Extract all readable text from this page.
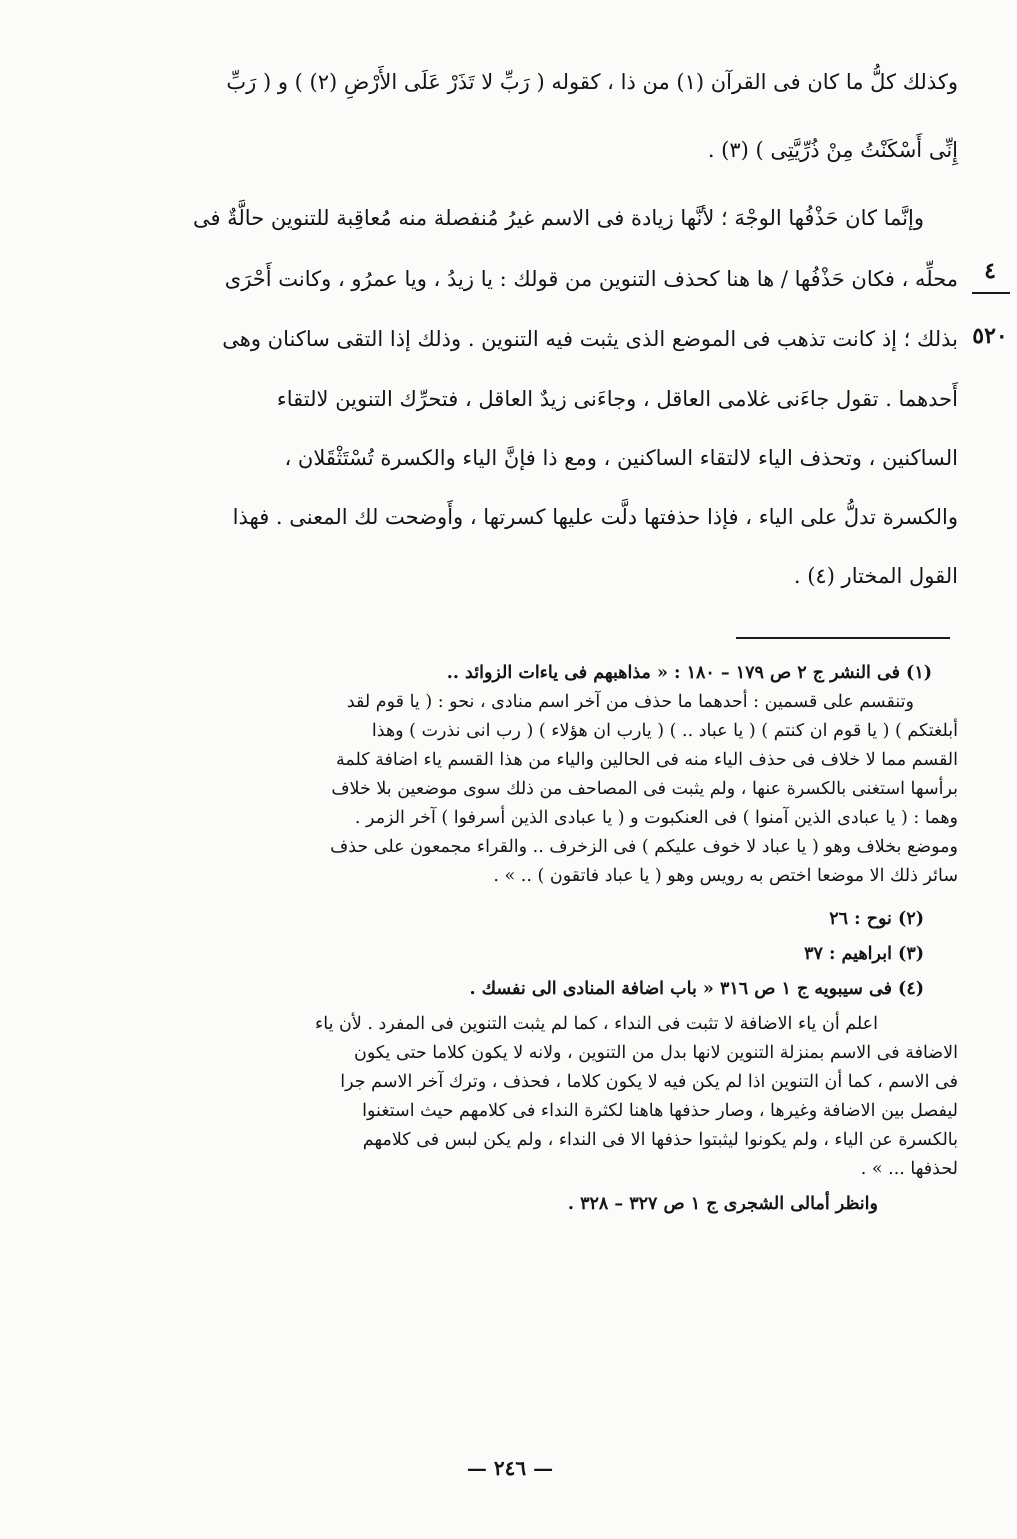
وكذلك كلُّ ما كان فى القرآن (١) من ذا ، كقوله ( رَبِّ لا تَذَرْ عَلَى الأَرْضِ (٢) ) و ( رَبِّ
إِنِّى أَسْكَنْتُ مِنْ ذُرِّيَّتِى ) (٣) .
وإنَّما كان حَذْفُها الوجْهَ ؛ لأنَّها زيادة فى الاسم غيرُ مُنفصلة منه مُعاقِبة للتنوين حالَّةٌ فى
محلِّه ، فكان حَذْفُها / ها هنا كحذف التنوين من قولك : يا زيدُ ، ويا عمرُو ، وكانت أَحْرَى
بذلك ؛ إذ كانت تذهب فى الموضع الذى يثبت فيه التنوين . وذلك إذا التقى ساكنان وهى
أَحدهما . تقول جاءَنى غلامى العاقل ، وجاءَنى زيدٌ العاقل ، فتحرِّك التنوين لالتقاء
الساكنين ، وتحذف الياء لالتقاء الساكنين ، ومع ذا فإنَّ الياء والكسرة تُسْتَثْقَلان ،
والكسرة تدلُّ على الياء ، فإذا حذفتها دلَّت عليها كسرتها ، وأَوضحت لك المعنى . فهذا
القول المختار (٤) .
٤
٥٢٠
(١) فى النشر ج ٢ ص ١٧٩ – ١٨٠ : « مذاهبهم فى ياءات الزوائد ..
وتنقسم على قسمين : أحدهما ما حذف من آخر اسم منادى ، نحو : ( يا قوم لقد
أبلغتكم ) ( يا قوم ان كنتم ) ( يا عباد .. ) ( يارب ان هؤلاء ) ( رب انى نذرت ) وهذا
القسم مما لا خلاف فى حذف الياء منه فى الحالين والياء من هذا القسم ياء اضافة كلمة
برأسها استغنى بالكسرة عنها ، ولم يثبت فى المصاحف من ذلك سوى موضعين بلا خلاف
وهما : ( يا عبادى الذين آمنوا ) فى العنكبوت و ( يا عبادى الذين أسرفوا ) آخر الزمر .
وموضع بخلاف وهو ( يا عباد لا خوف عليكم ) فى الزخرف .. والقراء مجمعون على حذف
سائر ذلك الا موضعا اختص به رويس وهو ( يا عباد فاتقون ) .. » .
(٢) نوح : ٢٦
(٣) ابراهيم : ٣٧
(٤) فى سيبويه ج ١ ص ٣١٦ « باب اضافة المنادى الى نفسك .
اعلم أن ياء الاضافة لا تثبت فى النداء ، كما لم يثبت التنوين فى المفرد . لأن ياء
الاضافة فى الاسم بمنزلة التنوين لانها بدل من التنوين ، ولانه لا يكون كلاما حتى يكون
فى الاسم ، كما أن التنوين اذا لم يكن فيه لا يكون كلاما ، فحذف ، وترك آخر الاسم جرا
ليفصل بين الاضافة وغيرها ، وصار حذفها هاهنا لكثرة النداء فى كلامهم حيث استغنوا
بالكسرة عن الياء ، ولم يكونوا ليثبتوا حذفها الا فى النداء ، ولم يكن لبس فى كلامهم
لحذفها ... » .
وانظر أمالى الشجرى ج ١ ص ٣٢٧ – ٣٢٨ .
— ٢٤٦ —
